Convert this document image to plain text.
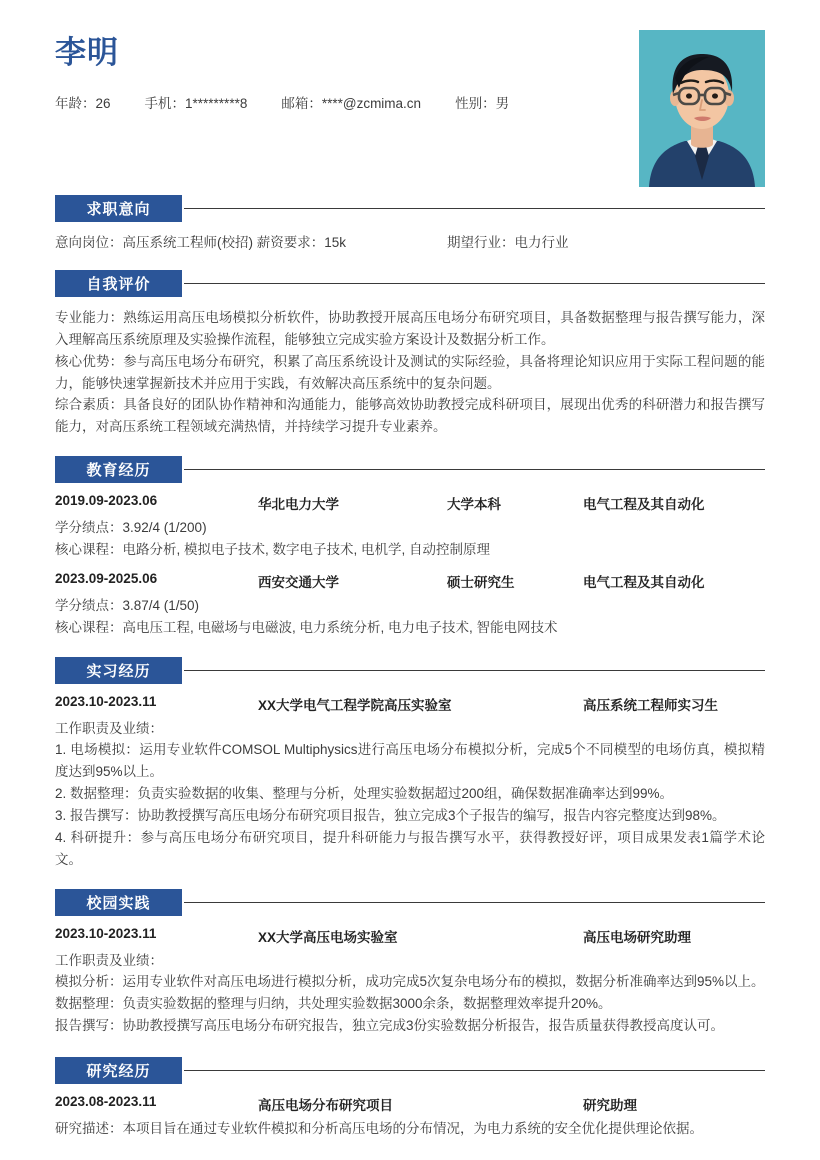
李明
年龄：26	手机：1*********8	邮箱：****@zcmima.cn	性别：男
求职意向
意向岗位：高压系统工程师(校招) 薪资要求：15k	期望行业：电力行业
自我评价
专业能力：熟练运用高压电场模拟分析软件，协助教授开展高压电场分布研究项目，具备数据整理与报告撰写能力，深入理解高压系统原理及实验操作流程，能够独立完成实验方案设计及数据分析工作。
核心优势：参与高压电场分布研究，积累了高压系统设计及测试的实际经验，具备将理论知识应用于实际工程问题的能力，能够快速掌握新技术并应用于实践，有效解决高压系统中的复杂问题。
综合素质：具备良好的团队协作精神和沟通能力，能够高效协助教授完成科研项目，展现出优秀的科研潜力和报告撰写能力，对高压系统工程领域充满热情，并持续学习提升专业素养。
教育经历
2019.09-2023.06	华北电力大学	大学本科	电气工程及其自动化
学分绩点：3.92/4 (1/200)
核心课程：电路分析, 模拟电子技术, 数字电子技术, 电机学, 自动控制原理
2023.09-2025.06	西安交通大学	硕士研究生	电气工程及其自动化
学分绩点：3.87/4 (1/50)
核心课程：高电压工程, 电磁场与电磁波, 电力系统分析, 电力电子技术, 智能电网技术
实习经历
2023.10-2023.11	XX大学电气工程学院高压实验室	高压系统工程师实习生
工作职责及业绩：
1. 电场模拟：运用专业软件COMSOL Multiphysics进行高压电场分布模拟分析，完成5个不同模型的电场仿真，模拟精度达到95%以上。
2. 数据整理：负责实验数据的收集、整理与分析，处理实验数据超过200组，确保数据准确率达到99%。
3. 报告撰写：协助教授撰写高压电场分布研究项目报告，独立完成3个子报告的编写，报告内容完整度达到98%。
4. 科研提升：参与高压电场分布研究项目，提升科研能力与报告撰写水平，获得教授好评，项目成果发表1篇学术论文。
校园实践
2023.10-2023.11	XX大学高压电场实验室	高压电场研究助理
工作职责及业绩：
模拟分析：运用专业软件对高压电场进行模拟分析，成功完成5次复杂电场分布的模拟，数据分析准确率达到95%以上。
数据整理：负责实验数据的整理与归纳，共处理实验数据3000余条，数据整理效率提升20%。
报告撰写：协助教授撰写高压电场分布研究报告，独立完成3份实验数据分析报告，报告质量获得教授高度认可。
研究经历
2023.08-2023.11	高压电场分布研究项目	研究助理
研究描述：本项目旨在通过专业软件模拟和分析高压电场的分布情况，为电力系统的安全优化提供理论依据。
